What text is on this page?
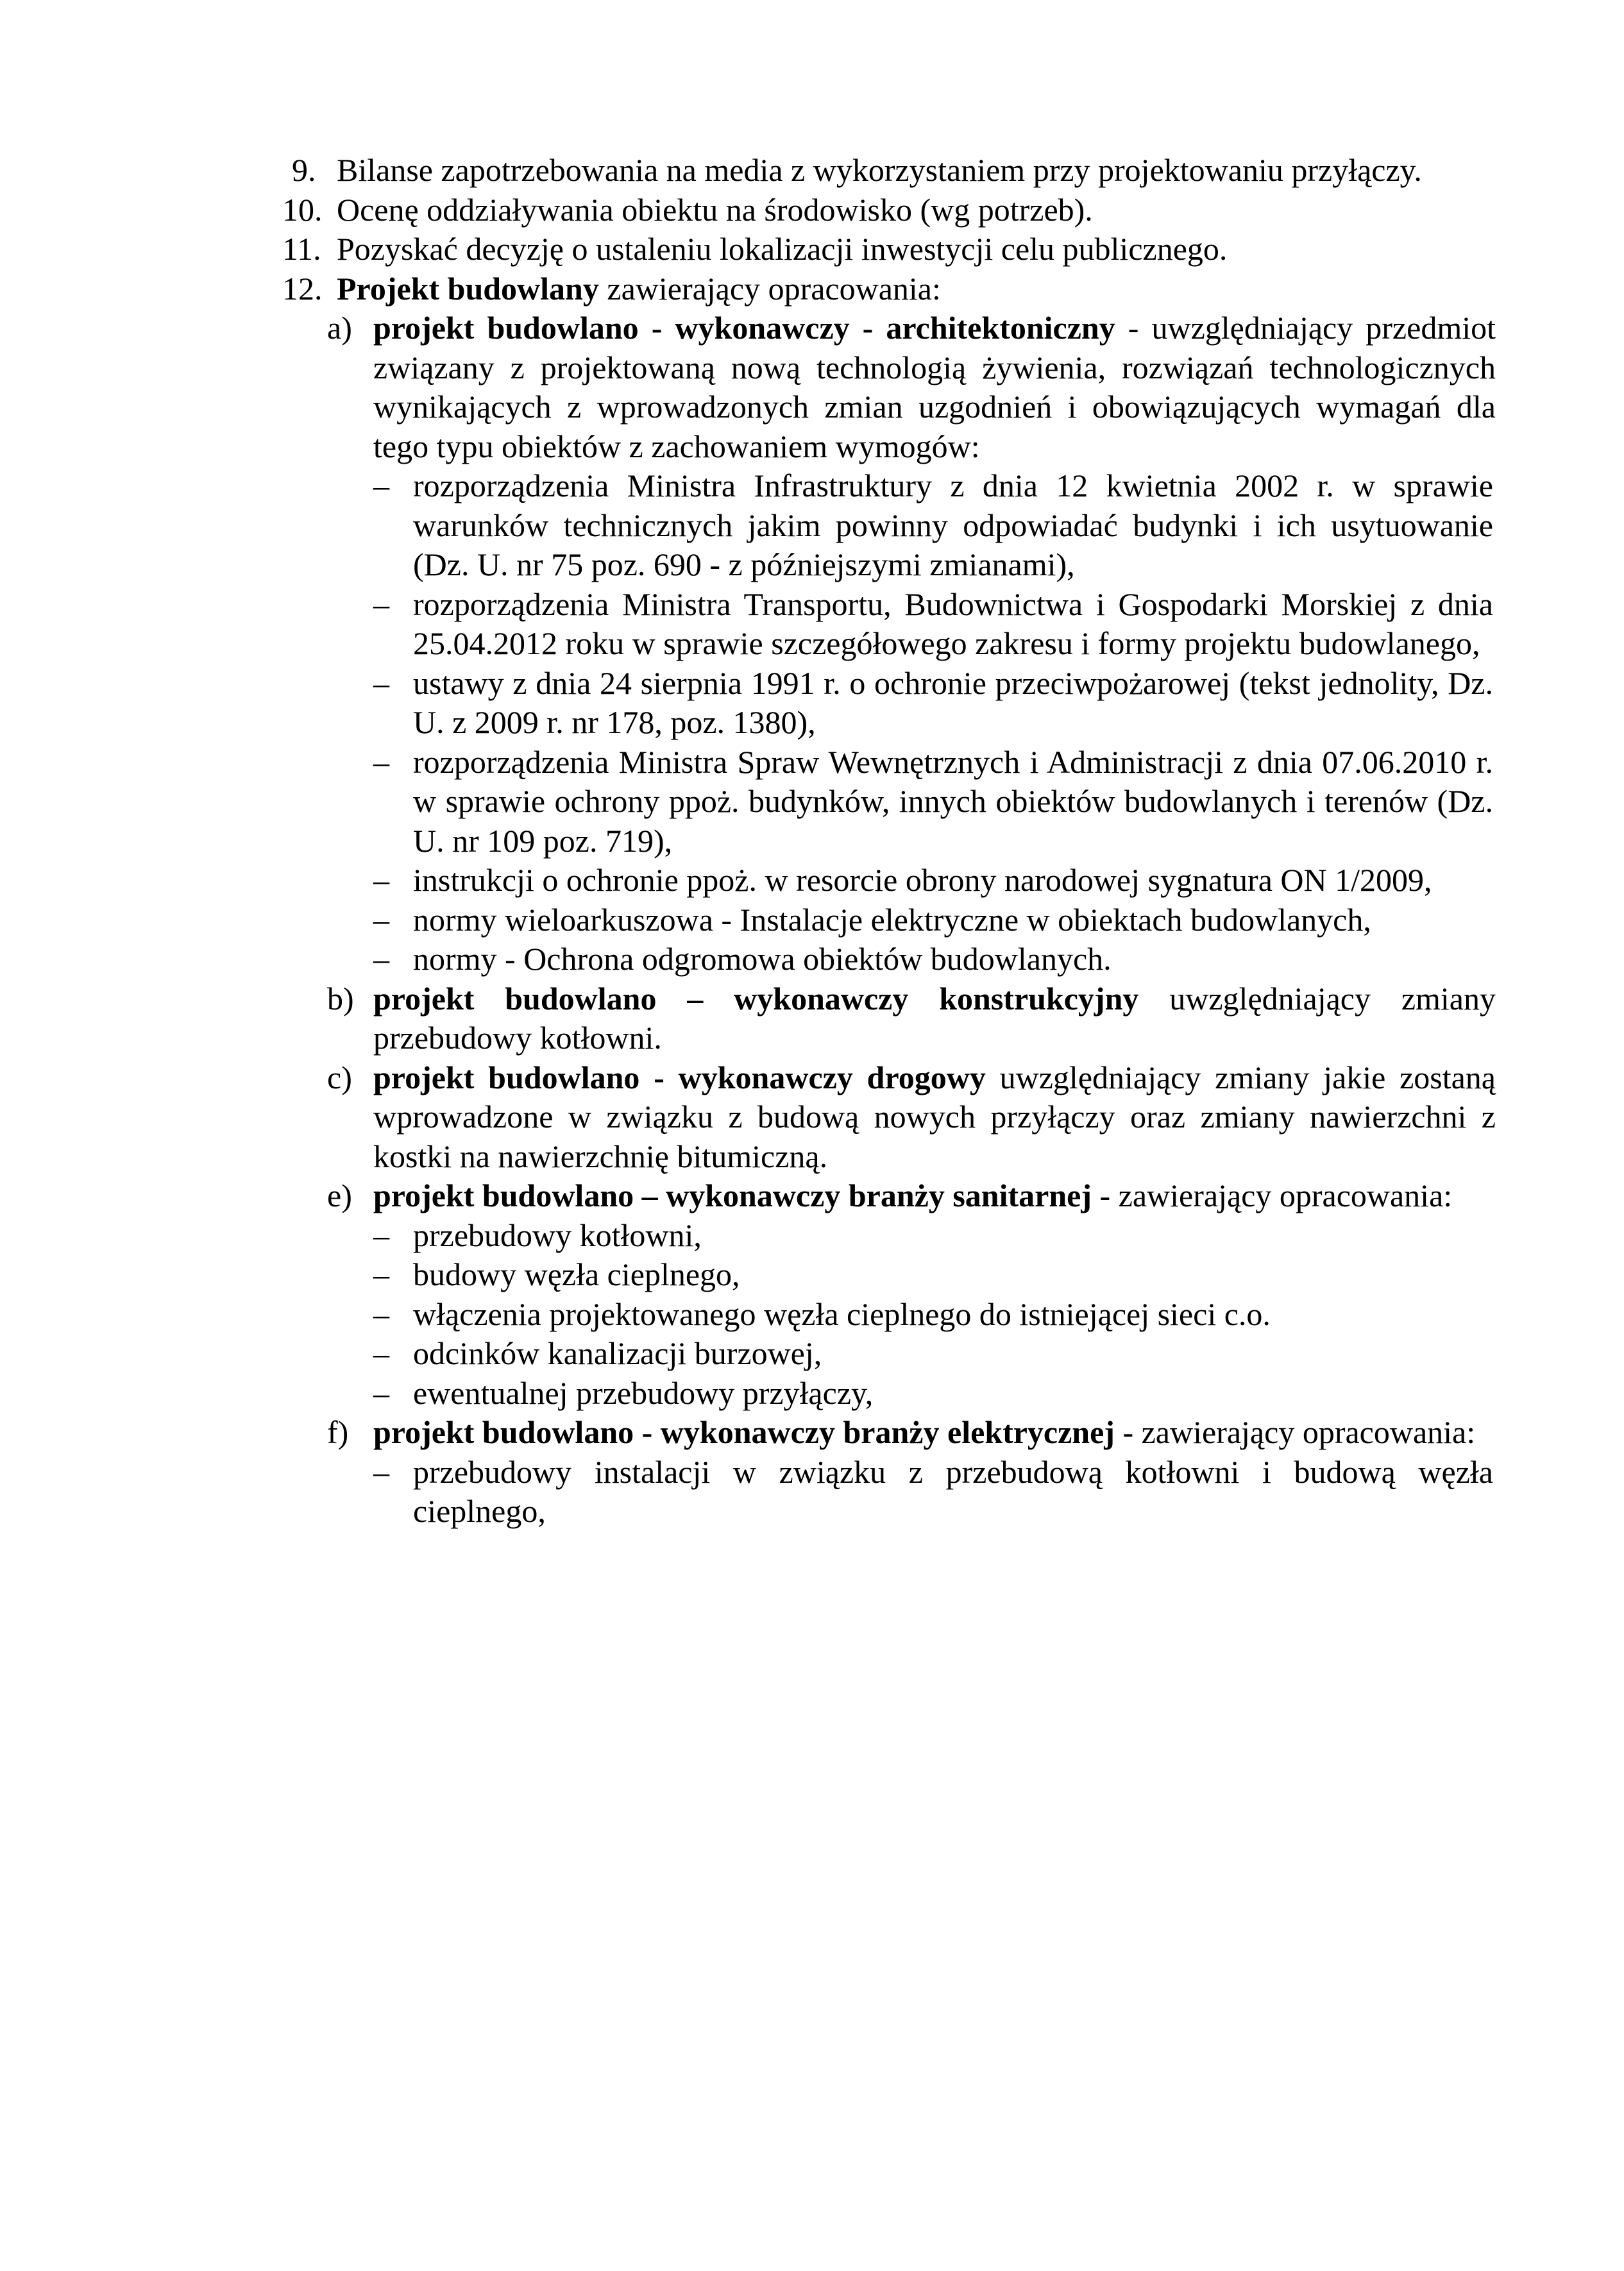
9. Bilanse zapotrzebowania na media z wykorzystaniem przy projektowaniu przyłączy.
10. Ocenę oddziaływania obiektu na środowisko (wg potrzeb).
11. Pozyskać decyzję o ustaleniu lokalizacji inwestycji celu publicznego.
12. Projekt budowlany zawierający opracowania:
a) projekt budowlano - wykonawczy - architektoniczny - uwzględniający przedmiot związany z projektowaną nową technologią żywienia, rozwiązań technologicznych wynikających z wprowadzonych zmian uzgodnień i obowiązujących wymagań dla tego typu obiektów z zachowaniem wymogów:
– rozporządzenia Ministra Infrastruktury z dnia 12 kwietnia 2002 r. w sprawie warunków technicznych jakim powinny odpowiadać budynki i ich usytuowanie (Dz. U. nr 75 poz. 690 - z późniejszymi zmianami),
– rozporządzenia Ministra Transportu, Budownictwa i Gospodarki Morskiej z dnia 25.04.2012 roku w sprawie szczegółowego zakresu i formy projektu budowlanego,
– ustawy z dnia 24 sierpnia 1991 r. o ochronie przeciwpożarowej (tekst jednolity, Dz. U. z 2009 r. nr 178, poz. 1380),
– rozporządzenia Ministra Spraw Wewnętrznych i Administracji z dnia 07.06.2010 r. w sprawie ochrony ppoż. budynków, innych obiektów budowlanych i terenów (Dz. U. nr 109 poz. 719),
– instrukcji o ochronie ppoż. w resorcie obrony narodowej sygnatura ON 1/2009,
– normy wieloarkuszowa - Instalacje elektryczne w obiektach budowlanych,
– normy - Ochrona odgromowa obiektów budowlanych.
b) projekt budowlano – wykonawczy konstrukcyjny uwzględniający zmiany przebudowy kotłowni.
c) projekt budowlano - wykonawczy drogowy uwzględniający zmiany jakie zostaną wprowadzone w związku z budową nowych przyłączy oraz zmiany nawierzchni z kostki na nawierzchnię bitumiczną.
e) projekt budowlano – wykonawczy branży sanitarnej - zawierający opracowania:
– przebudowy kotłowni,
– budowy węzła cieplnego,
– włączenia projektowanego węzła cieplnego do istniejącej sieci c.o.
– odcinków kanalizacji burzowej,
– ewentualnej przebudowy przyłączy,
f) projekt budowlano - wykonawczy branży elektrycznej - zawierający opracowania:
– przebudowy instalacji w związku z przebudową kotłowni i budową węzła cieplnego,
